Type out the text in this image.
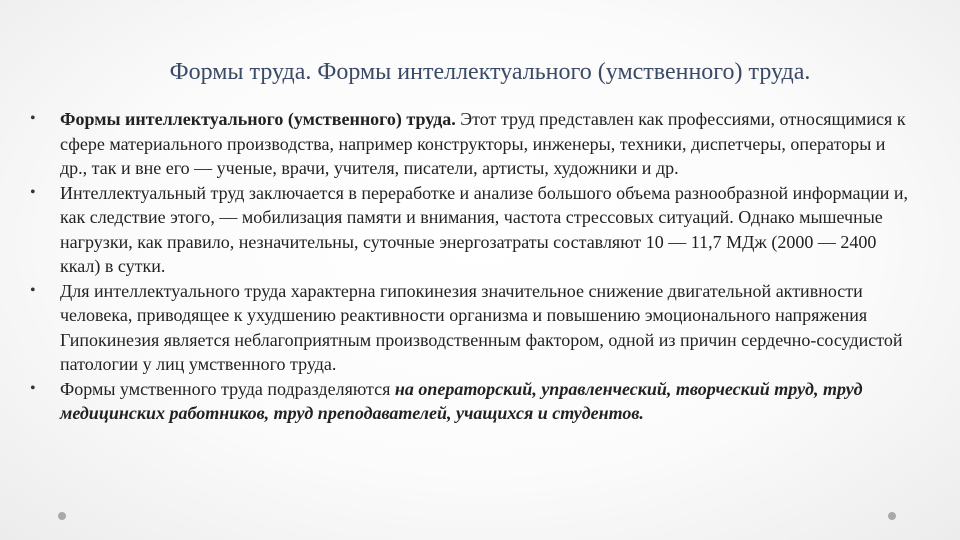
Формы труда. Формы интеллектуального (умственного) труда.
• Формы интеллектуального (умственного) труда. Этот труд представлен как профессиями, относящимися к сфере материального производства, например конструкторы, инженеры, техники, диспетчеры, операторы и др., так и вне его — ученые, врачи, учителя, писатели, артисты, художники и др.
• Интеллектуальный труд заключается в переработке и анализе большого объема разнообразной информации и, как следствие этого, — мобилизация памяти и внимания, частота стрессовых ситуаций. Однако мышечные нагрузки, как правило, незначительны, суточные энергозатраты составляют 10 — 11,7 МДж (2000 — 2400 ккал) в сутки.
• Для интеллектуального труда характерна гипокинезия значительное снижение двигательной активности человека, приводящее к ухудшению реактивности организма и повышению эмоционального напряжения Гипокинезия является неблагоприятным производственным фактором, одной из причин сердечно-сосудистой патологии у лиц умственного труда.
• Формы умственного труда подразделяются на операторский, управленческий, творческий труд, труд медицинских работников, труд преподавателей, учащихся и студентов.
